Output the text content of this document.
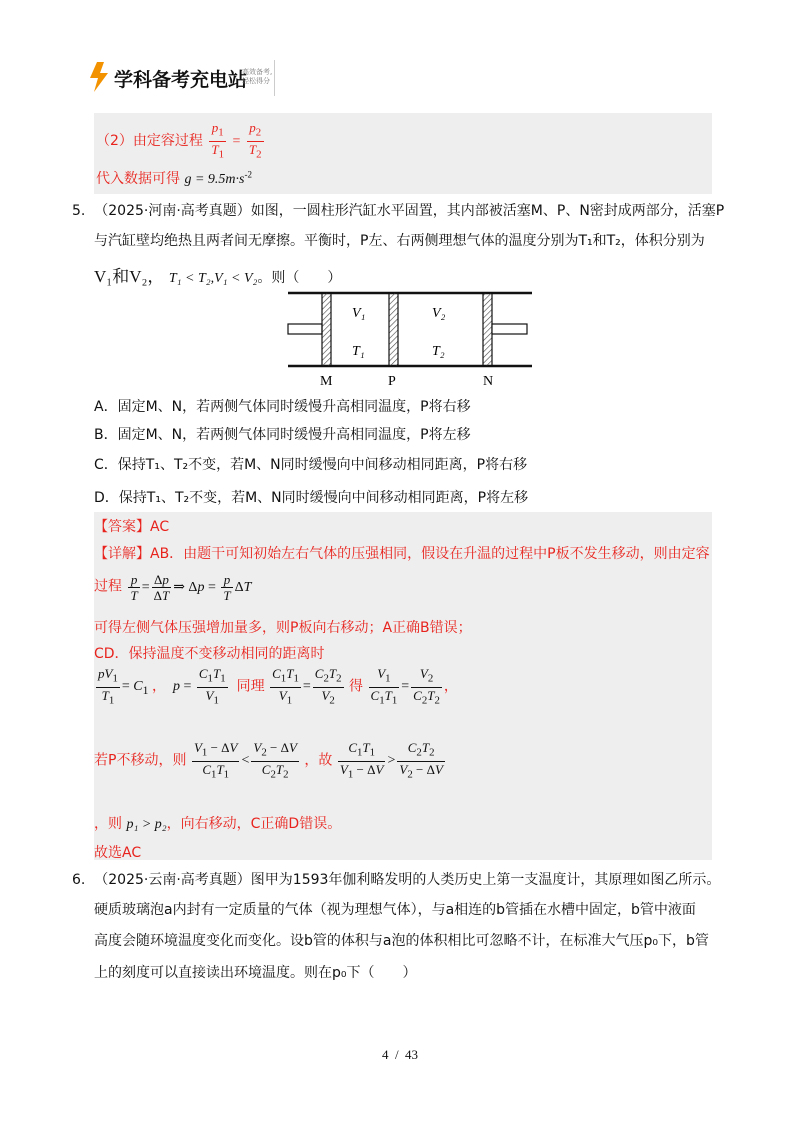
学科备考充电站
高效备考,
轻松得分
（2）由定容过程 $\frac{p_1}{T_1} = \frac{p_2}{T_2}$
代入数据可得 $g = 9.5m\cdot s^{-2}$
5. （2025·河南·高考真题）如图，一圆柱形汽缸水平固置，其内部被活塞M、P、N密封成两部分，活塞P
与汽缸壁均绝热且两者间无摩擦。平衡时，P左、右两侧理想气体的温度分别为T₁和T₂，体积分别为
V₁和V₂， T₁ < T₂,V₁ < V₂。则（　　）
V₁	V₂
T₁	T₂
M	P	N
A．固定M、N，若两侧气体同时缓慢升高相同温度，P将右移
B．固定M、N，若两侧气体同时缓慢升高相同温度，P将左移
C．保持T₁、T₂不变，若M、N同时缓慢向中间移动相同距离，P将右移
D．保持T₁、T₂不变，若M、N同时缓慢向中间移动相同距离，P将左移
【答案】AC
【详解】AB．由题干可知初始左右气体的压强相同，假设在升温的过程中P板不发生移动，则由定容
过程 $\frac{p}{T} = \frac{\Delta p}{\Delta T}$ ⇒ $\Delta p = \frac{p}{T}$ ΔT
可得左侧气体压强增加量多，则P板向右移动；A正确B错误；
CD．保持温度不变移动相同的距离时
$\frac{pV_1}{T_1} = C_1$ ， $p = \frac{C_1T_1}{V_1}$ 同理 $\frac{C_1T_1}{V_1} = \frac{C_2T_2}{V_2}$ 得 $\frac{V_1}{C_1T_1} = \frac{V_2}{C_2T_2}$ ，
若P不移动，则 $\frac{V_1 - \Delta V}{C_1T_1} < \frac{V_2 - \Delta V}{C_2T_2}$ ，故 $\frac{C_1T_1}{V_1 - \Delta V} > \frac{C_2T_2}{V_2 - \Delta V}$
，则 p₁ > p₂，向右移动，C正确D错误。
故选AC
6. （2025·云南·高考真题）图甲为1593年伽利略发明的人类历史上第一支温度计，其原理如图乙所示。
硬质玻璃泡a内封有一定质量的气体（视为理想气体），与a相连的b管插在水槽中固定，b管中液面
高度会随环境温度变化而变化。设b管的体积与a泡的体积相比可忽略不计，在标准大气压p₀下，b管
上的刻度可以直接读出环境温度。则在p₀下（　　）
4  /  43
